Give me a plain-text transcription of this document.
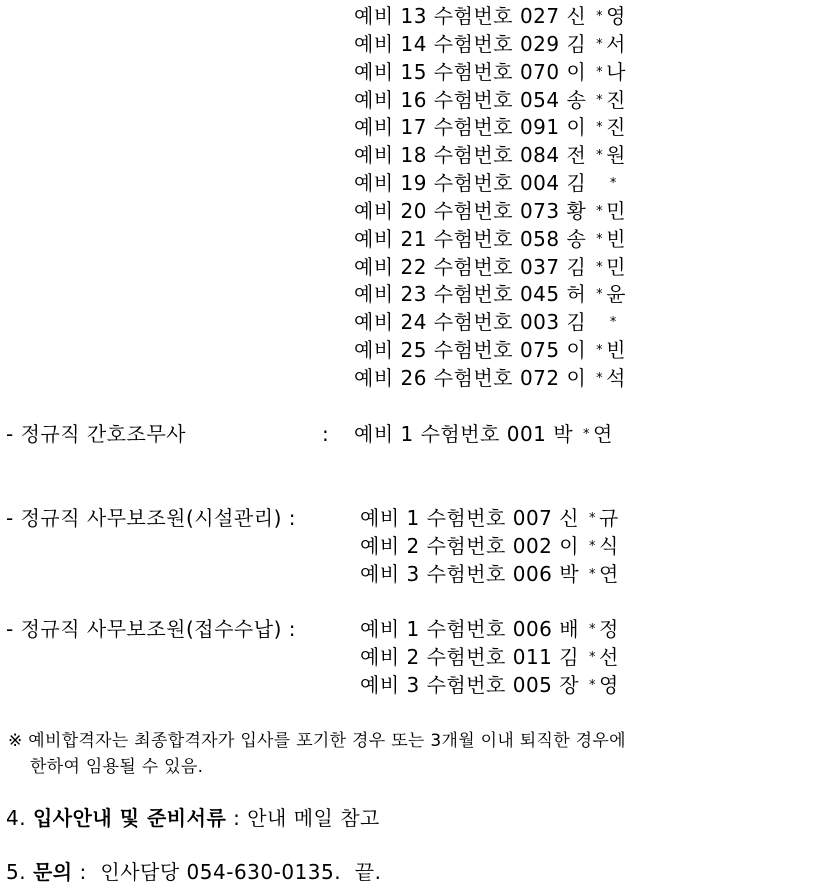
예비 13 수험번호 027 신 * 영
예비 14 수험번호 029 김 * 서
예비 15 수험번호 070 이 * 나
예비 16 수험번호 054 송 * 진
예비 17 수험번호 091 이 * 진
예비 18 수험번호 084 전 * 원
예비 19 수험번호 004 김   *
예비 20 수험번호 073 황 * 민
예비 21 수험번호 058 송 * 빈
예비 22 수험번호 037 김 * 민
예비 23 수험번호 045 허 * 윤
예비 24 수험번호 003 김   *
예비 25 수험번호 075 이 * 빈
예비 26 수험번호 072 이 * 석
- 정규직 간호조무사	: 예비 1 수험번호 001 박 * 연
- 정규직 사무보조원(시설관리) :	예비 1 수험번호 007 신 * 규
예비 2 수험번호 002 이 * 식
예비 3 수험번호 006 박 * 연
- 정규직 사무보조원(접수수납) :	예비 1 수험번호 006 배 * 정
예비 2 수험번호 011 김 * 선
예비 3 수험번호 005 장 * 영
※ 예비합격자는 최종합격자가 입사를 포기한 경우 또는 3개월 이내 퇴직한 경우에
한하여 임용될 수 있음.
4. 입사안내 및 준비서류 : 안내 메일 참고
5. 문의 : 인사담당 054-630-0135.  끝.
